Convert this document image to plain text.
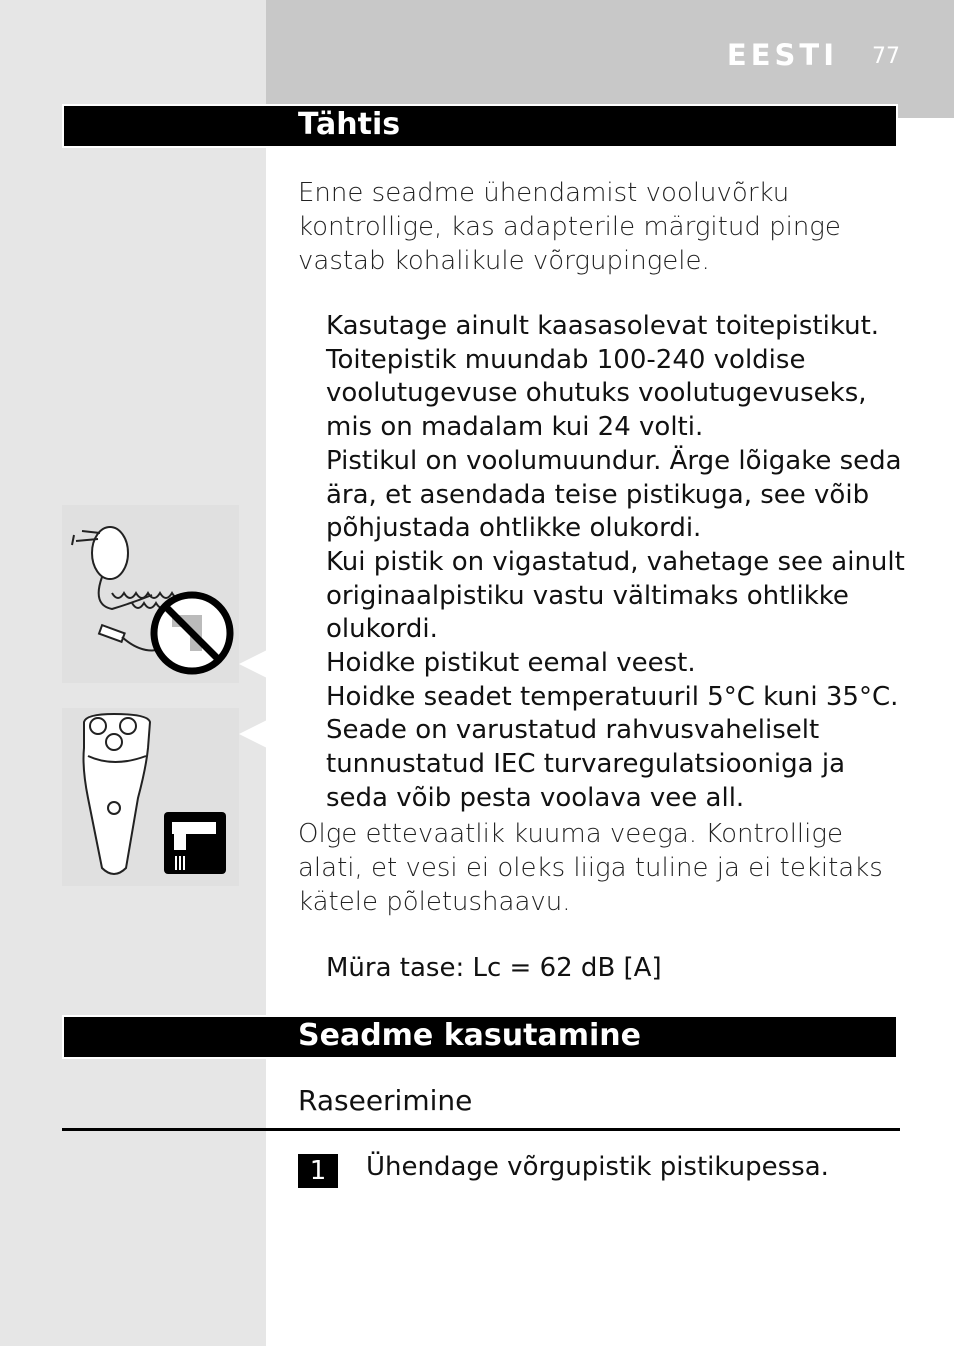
EESTI 77
Tähtis
Enne seadme ühendamist vooluvõrku kontrollige, kas adapterile märgitud pinge vastab kohalikule võrgupingele.
Kasutage ainult kaasasolevat toitepistikut. Toitepistik muundab 100-240 voldise voolutugevuse ohutuks voolutugevuseks, mis on madalam kui 24 volti.
Pistikul on voolumuundur. Ärge lõigake seda ära, et asendada teise pistikuga, see võib põhjustada ohtlikke olukordi.
Kui pistik on vigastatud, vahetage see ainult originaalpistiku vastu vältimaks ohtlikke olukordi.
Hoidke pistikut eemal veest.
Hoidke seadet temperatuuril 5°C kuni 35°C.
Seade on varustatud rahvusvaheliselt tunnustatud IEC turvaregulatsiooniga ja seda võib pesta voolava vee all.
Olge ettevaatlik kuuma veega. Kontrollige alati, et vesi ei oleks liiga tuline ja ei tekitaks kätele põletushaavu.
Müra tase: Lc = 62 dB [A]
Seadme kasutamine
Raseerimine
1	Ühendage võrgupistik pistikupessa.
